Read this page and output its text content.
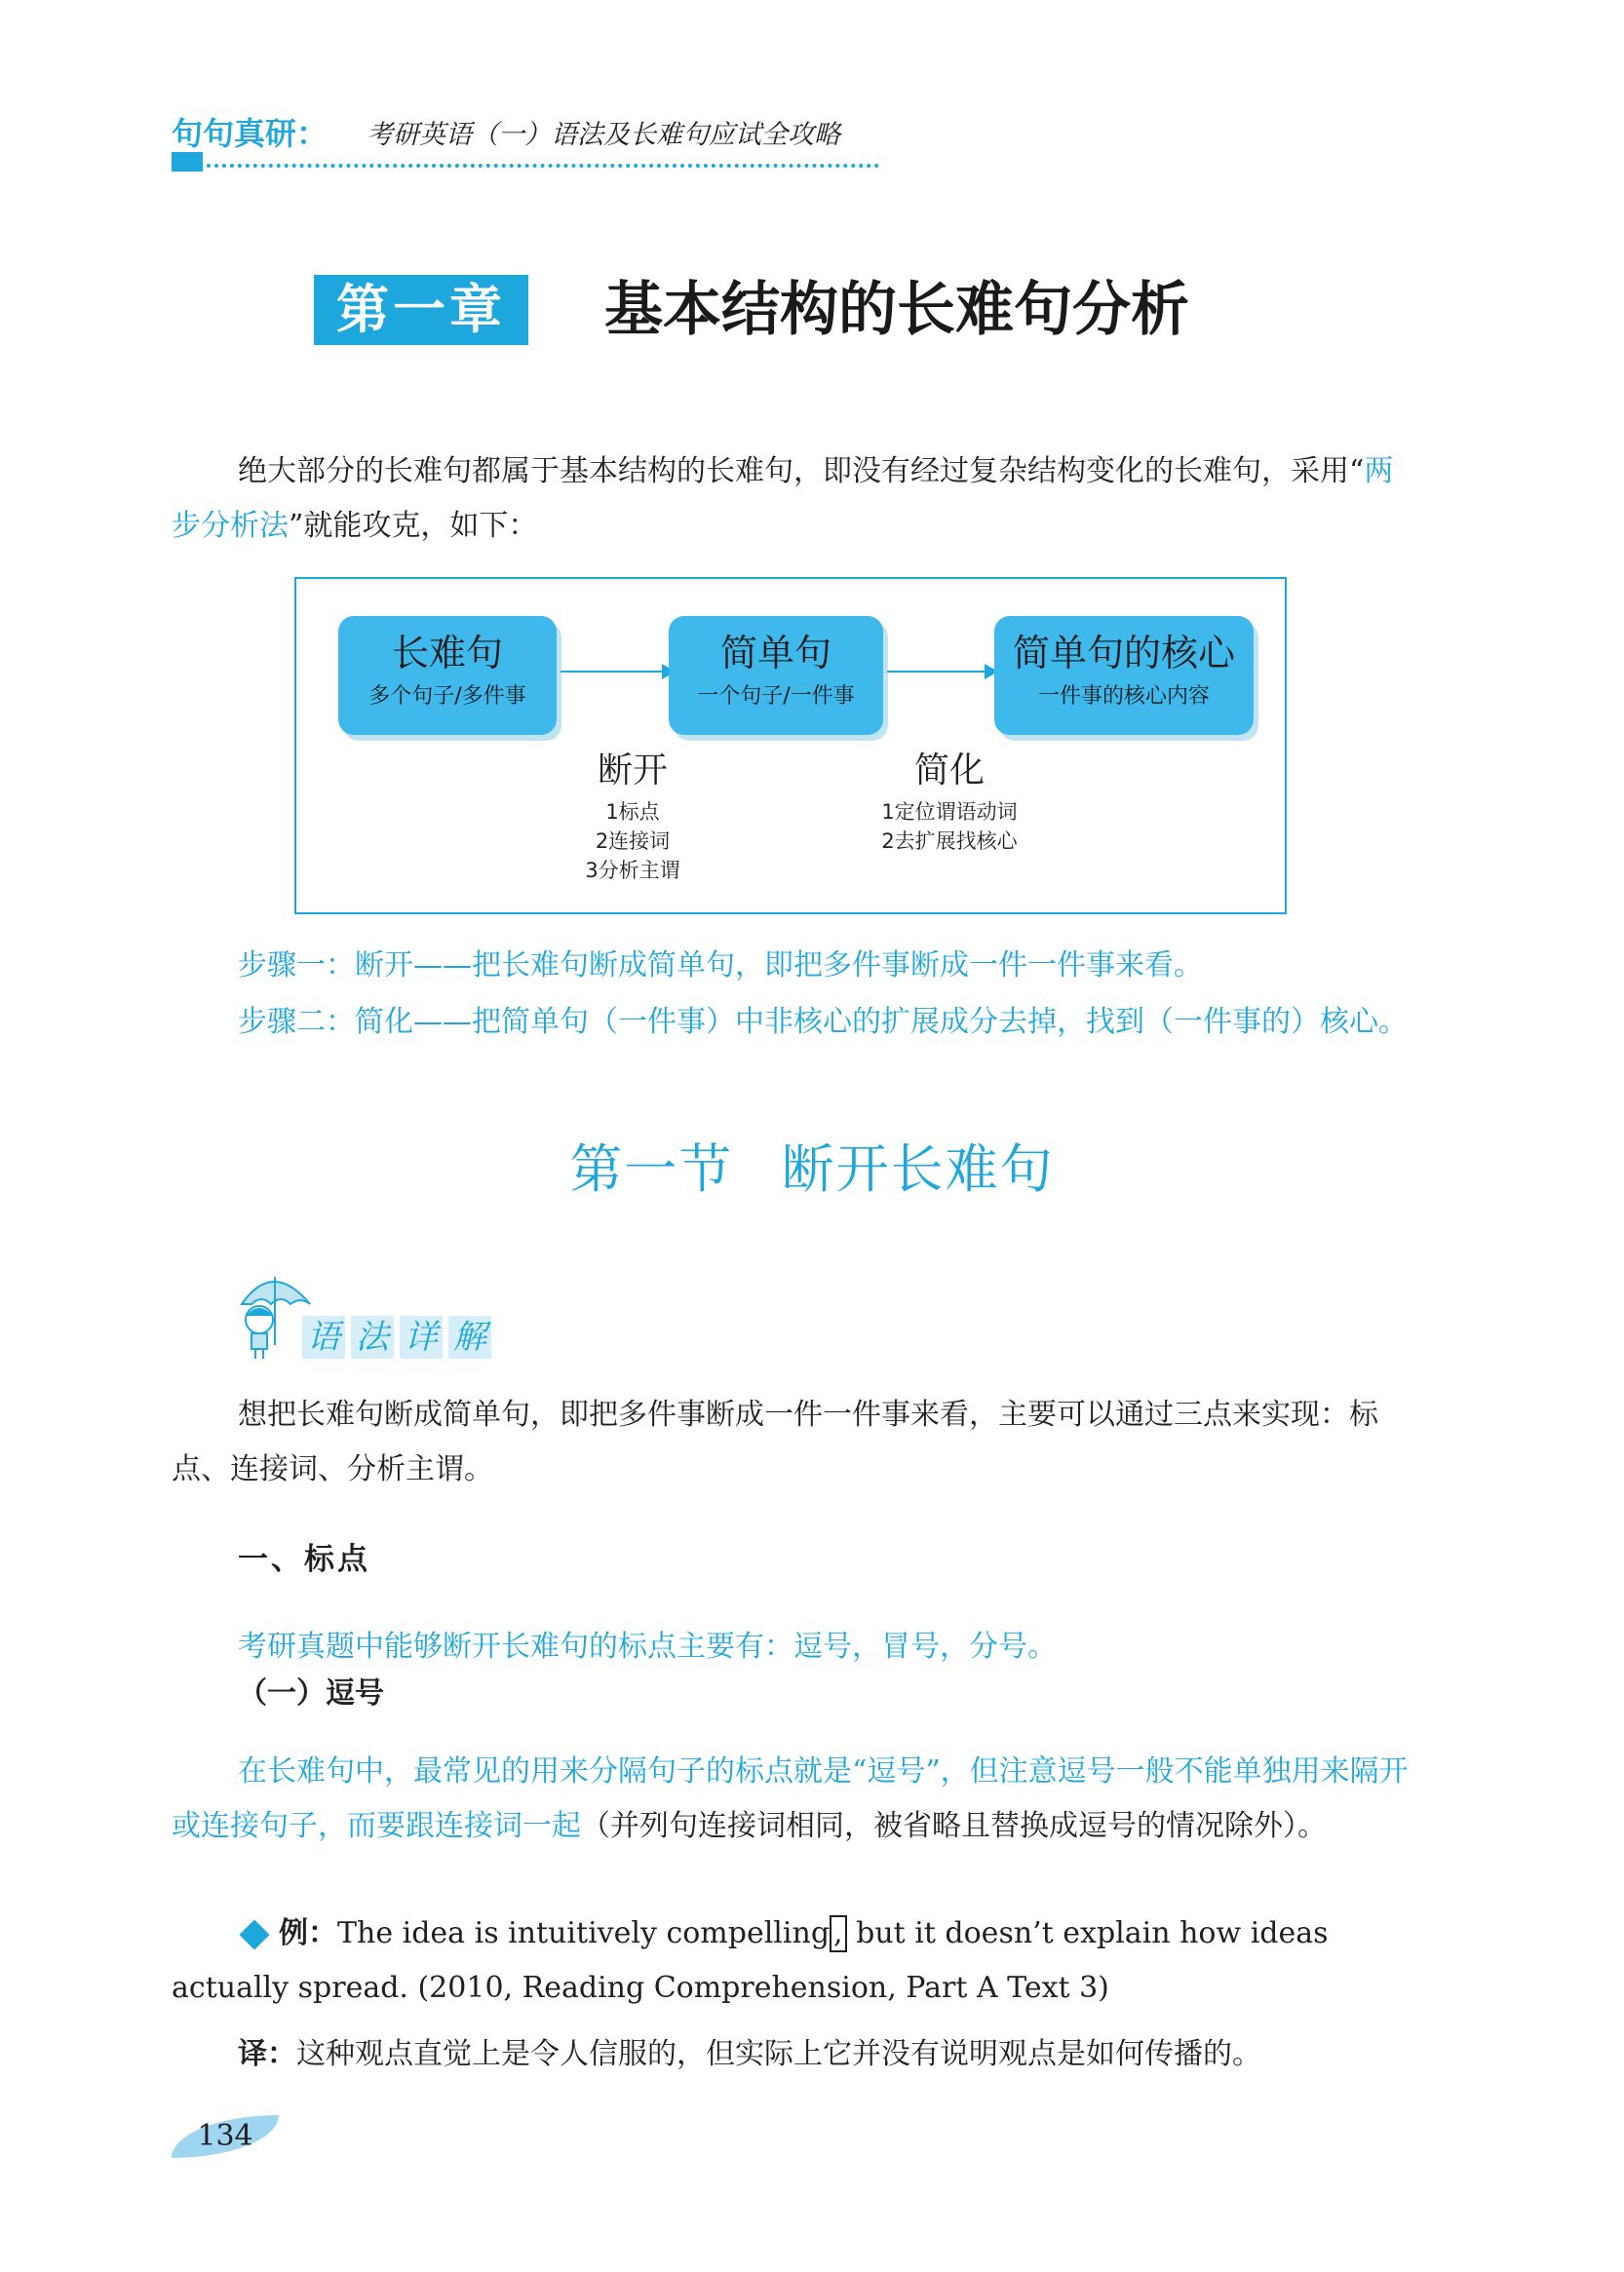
句句真研： 考研英语（一）语法及长难句应试全攻略
第一章	基本结构的长难句分析

绝大部分的长难句都属于基本结构的长难句，即没有经过复杂结构变化的长难句，采用“两步分析法”就能攻克，如下：

长难句
多个句子/多件事
简单句
一个句子/一件事
简单句的核心
一件事的核心内容
断开
1标点
2连接词
3分析主谓
简化
1定位谓语动词
2去扩展找核心
步骤一：断开——把长难句断成简单句，即把多件事断成一件一件事来看。
步骤二：简化——把简单句（一件事）中非核心的扩展成分去掉，找到（一件事的）核心。
第一节 断开长难句
语 法 详 解

想把长难句断成简单句，即把多件事断成一件一件事来看，主要可以通过三点来实现：标点、连接词、分析主谓。

一、标点

考研真题中能够断开长难句的标点主要有：逗号，冒号，分号。

（一）逗号

在长难句中，最常见的用来分隔句子的标点就是“逗号”，但注意逗号一般不能单独用来隔开或连接句子，而要跟连接词一起（并列句连接词相同，被省略且替换成逗号的情况除外）。

例：The idea is intuitively compelling , but it doesn’t explain how ideas actually spread. (2010, Reading Comprehension, Part A Text 3)
译：这种观点直觉上是令人信服的，但实际上它并没有说明观点是如何传播的。
134
